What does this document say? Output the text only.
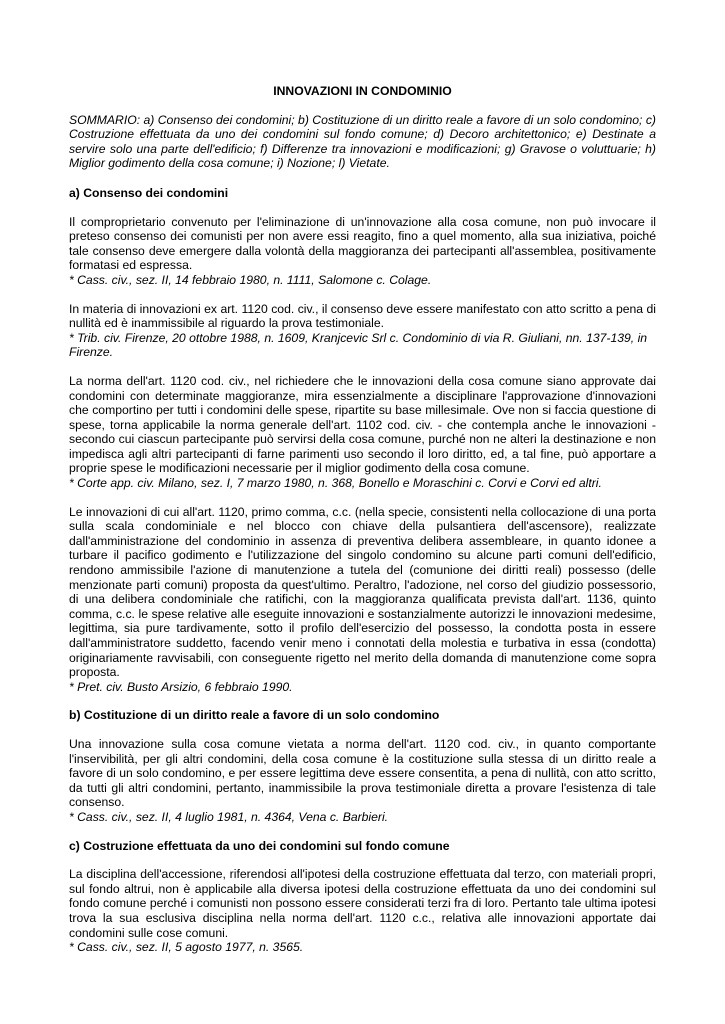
INNOVAZIONI IN CONDOMINIO
SOMMARIO: a) Consenso dei condomini; b) Costituzione di un diritto reale a favore di un solo condomino; c) Costruzione effettuata da uno dei condomini sul fondo comune; d) Decoro architettonico; e) Destinate a servire solo una parte dell'edificio; f) Differenze tra innovazioni e modificazioni; g) Gravose o voluttuarie; h) Miglior godimento della cosa comune; i) Nozione; l) Vietate.
a) Consenso dei condomini

Il comproprietario convenuto per l'eliminazione di un'innovazione alla cosa comune, non può invocare il preteso consenso dei comunisti per non avere essi reagito, fino a quel momento, alla sua iniziativa, poiché tale consenso deve emergere dalla volontà della maggioranza dei partecipanti all'assemblea, positivamente formatasi ed espressa.

* Cass. civ., sez. II, 14 febbraio 1980, n. 1111, Salomone c. Colage.

In materia di innovazioni ex art. 1120 cod. civ., il consenso deve essere manifestato con atto scritto a pena di nullità ed è inammissibile al riguardo la prova testimoniale.

* Trib. civ. Firenze, 20 ottobre 1988, n. 1609, Kranjcevic Srl c. Condominio di via R. Giuliani, nn. 137-139, in Firenze.

La norma dell'art. 1120 cod. civ., nel richiedere che le innovazioni della cosa comune siano approvate dai condomini con determinate maggioranze, mira essenzialmente a disciplinare l'approvazione d'innovazioni che comportino per tutti i condomini delle spese, ripartite su base millesimale. Ove non si faccia questione di spese, torna applicabile la norma generale dell'art. 1102 cod. civ. - che contempla anche le innovazioni - secondo cui ciascun partecipante può servirsi della cosa comune, purché non ne alteri la destinazione e non impedisca agli altri partecipanti di farne parimenti uso secondo il loro diritto, ed, a tal fine, può apportare a proprie spese le modificazioni necessarie per il miglior godimento della cosa comune.

* Corte app. civ. Milano, sez. I, 7 marzo 1980, n. 368, Bonello e Moraschini c. Corvi e Corvi ed altri.

Le innovazioni di cui all'art. 1120, primo comma, c.c. (nella specie, consistenti nella collocazione di una porta sulla scala condominiale e nel blocco con chiave della pulsantiera dell'ascensore), realizzate dall'amministrazione del condominio in assenza di preventiva delibera assembleare, in quanto idonee a turbare il pacifico godimento e l'utilizzazione del singolo condomino su alcune parti comuni dell'edificio, rendono ammissibile l'azione di manutenzione a tutela del (comunione dei diritti reali) possesso (delle menzionate parti comuni) proposta da quest'ultimo. Peraltro, l'adozione, nel corso del giudizio possessorio, di una delibera condominiale che ratifichi, con la maggioranza qualificata prevista dall'art. 1136, quinto comma, c.c. le spese relative alle eseguite innovazioni e sostanzialmente autorizzi le innovazioni medesime, legittima, sia pure tardivamente, sotto il profilo dell'esercizio del possesso, la condotta posta in essere dall'amministratore suddetto, facendo venir meno i connotati della molestia e turbativa in essa (condotta) originariamente ravvisabili, con conseguente rigetto nel merito della domanda di manutenzione come sopra proposta.

* Pret. civ. Busto Arsizio, 6 febbraio 1990.

b) Costituzione di un diritto reale a favore di un solo condomino

Una innovazione sulla cosa comune vietata a norma dell'art. 1120 cod. civ., in quanto comportante l'inservibilità, per gli altri condomini, della cosa comune è la costituzione sulla stessa di un diritto reale a favore di un solo condomino, e per essere legittima deve essere consentita, a pena di nullità, con atto scritto, da tutti gli altri condomini, pertanto, inammissibile la prova testimoniale diretta a provare l'esistenza di tale consenso.

* Cass. civ., sez. II, 4 luglio 1981, n. 4364, Vena c. Barbieri.

c) Costruzione effettuata da uno dei condomini sul fondo comune

La disciplina dell'accessione, riferendosi all'ipotesi della costruzione effettuata dal terzo, con materiali propri, sul fondo altrui, non è applicabile alla diversa ipotesi della costruzione effettuata da uno dei condomini sul fondo comune perché i comunisti non possono essere considerati terzi fra di loro. Pertanto tale ultima ipotesi trova la sua esclusiva disciplina nella norma dell'art. 1120 c.c., relativa alle innovazioni apportate dai condomini sulle cose comuni.

* Cass. civ., sez. II, 5 agosto 1977, n. 3565.
